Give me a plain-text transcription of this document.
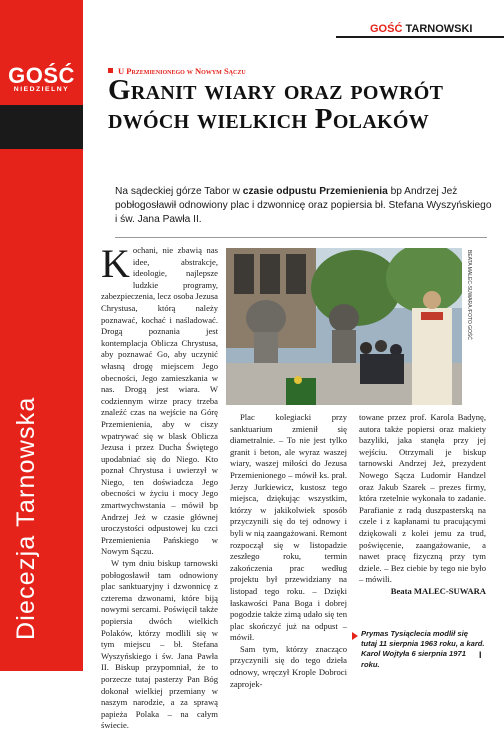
GOŚĆ
NIEDZIELNY
17 sierpnia
2025
nr 33/1655
tarnow.gosc.pl
Diecezja Tarnowska
GOŚĆ TARNOWSKI
U Przemienionego w Nowym Sączu
Granit wiary oraz powrót dwóch wielkich Polaków
Na sądeckiej górze Tabor w czasie odpustu Przemienienia bp Andrzej Jeż pobłogosławił odnowiony plac i dzwonnicę oraz popiersia bł. Stefana Wyszyńskiego i św. Jana Pawła II.

Kochani, nie zbawią nas idee, abstrakcje, ideologie, najlepsze ludzkie programy, zabezpieczenia, lecz osoba Jezusa Chrystusa, którą należy poznawać, kochać i naśladować. Drogą poznania jest kontemplacja Oblicza Chrystusa, aby poznawać Go, aby uczynić własną drogę miejscem Jego obecności, Jego zamieszkania w nas. Drogą jest wiara. W codziennym wirze pracy trzeba znaleźć czas na wejście na Górę Przemienienia, aby w ciszy wpatrywać się w blask Oblicza Jezusa i przez Ducha Świętego upodabniać się do Niego. Kto poznał Chrystusa i uwierzył w Niego, ten doświadcza Jego obecności w życiu i mocy Jego zmartwychwstania – mówił bp Andrzej Jeż w czasie głównej uroczystości odpustowej ku czci Przemienienia Pańskiego w Nowym Sączu.

W tym dniu biskup tarnowski pobłogosławił tam odnowiony plac sanktuaryjny i dzwonnicę z czterema dzwonami, które biją nowymi sercami. Poświęcił także popiersia dwóch wielkich Polaków, którzy modlili się w tym miejscu – bł. Stefana Wyszyńskiego i św. Jana Pawła II. Biskup przypomniał, że to porzecze tutaj pasterzy Pan Bóg dokonał wielkiej przemiany w naszym narodzie, a za sprawą papieża Polaka – na całym świecie.

BEATA MALEC-SUWARA /FOTO GOŚĆ

Plac kolegiacki przy sanktuarium zmienił się diametralnie. – To nie jest tylko granit i beton, ale wyraz waszej wiary, waszej miłości do Jezusa Przemienionego – mówił ks. prał. Jerzy Jurkiewicz, kustosz tego miejsca, dziękując wszystkim, którzy w jakikolwiek sposób przyczynili się do tej odnowy i byli w nią zaangażowani. Remont rozpoczął się w listopadzie zeszłego roku, termin zakończenia prac według projektu był przewidziany na listopad tego roku. – Dzięki łaskawości Pana Boga i dobrej pogodzie także zimą udało się ten plac skończyć już na odpust – mówił.

Sam tym, którzy znacząco przyczynili się do tego dzieła odnowy, wręczył Krople Dobroci zaprojek-

towane przez prof. Karola Badynę, autora także popiersi oraz makiety bazyliki, jaka stanęła przy jej wejściu. Otrzymali je biskup tarnowski Andrzej Jeż, prezydent Nowego Sącza Ludomir Handzel oraz Jakub Szarek – prezes firmy, która rzetelnie wykonała to zadanie. Parafianie z radą duszpasterską na czele i z kapłanami tu pracującymi dziękowali z kolei jemu za trud, poświęcenie, zaangażowanie, a nawet pracę fizyczną przy tym dziele. – Bez ciebie by tego nie było – mówili.

Beata MALEC-SUWARA

Prymas Tysiąclecia modlił się tutaj 11 sierpnia 1963 roku, a kard. Karol Wojtyła 6 sierpnia 1971 roku.
I
